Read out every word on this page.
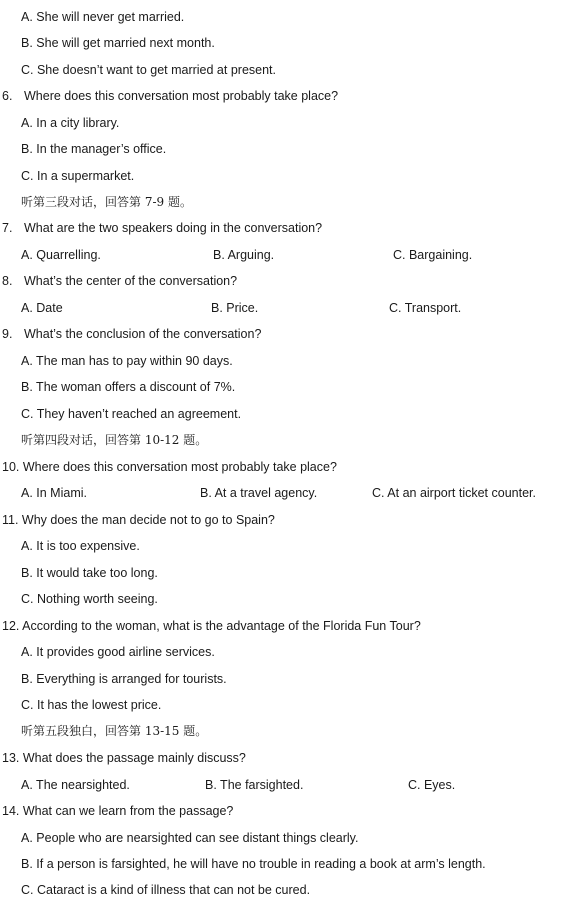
A. She will never get married.
B. She will get married next month.
C. She doesn’t want to get married at present.
6. Where does this conversation most probably take place?
A. In a city library.
B. In the manager’s office.
C. In a supermarket.
听第三段对话，回答第 7-9 题。
7. What are the two speakers doing in the conversation?
A. Quarrelling.	B. Arguing.	C. Bargaining.
8. What’s the center of the conversation?
A. Date	B. Price.	C. Transport.
9. What’s the conclusion of the conversation?
A. The man has to pay within 90 days.
B. The woman offers a discount of 7%.
C. They haven’t reached an agreement.
听第四段对话，回答第 10-12 题。
10. Where does this conversation most probably take place?
A. In Miami.	B. At a travel agency.	C. At an airport ticket counter.
11. Why does the man decide not to go to Spain?
A. It is too expensive.
B. It would take too long.
C. Nothing worth seeing.
12. According to the woman, what is the advantage of the Florida Fun Tour?
A. It provides good airline services.
B. Everything is arranged for tourists.
C. It has the lowest price.
听第五段独白，回答第 13-15 题。
13. What does the passage mainly discuss?
A. The nearsighted.	B. The farsighted.	C. Eyes.
14. What can we learn from the passage?
A. People who are nearsighted can see distant things clearly.
B. If a person is farsighted, he will have no trouble in reading a book at arm’s length.
C. Cataract is a kind of illness that can not be cured.
